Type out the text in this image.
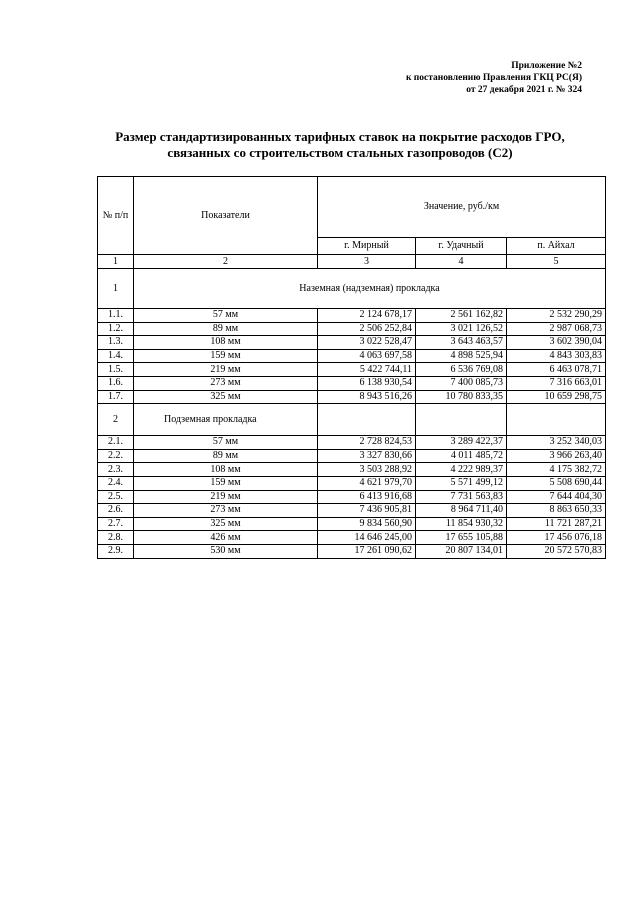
Приложение №2
к постановлению Правления ГКЦ РС(Я)
от 27 декабря 2021 г. № 324
Размер стандартизированных тарифных ставок на покрытие расходов ГРО,
связанных со строительством стальных газопроводов (С2)
№ п/п	Показатели	Значение, руб./км		
		г. Мирный	г. Удачный	п. Айхал
1	2	3	4	5
1	Наземная (надземная) прокладка			
1.1.	57 мм	2 124 678,17	2 561 162,82	2 532 290,29
1.2.	89 мм	2 506 252,84	3 021 126,52	2 987 068,73
1.3.	108 мм	3 022 528,47	3 643 463,57	3 602 390,04
1.4.	159 мм	4 063 697,58	4 898 525,94	4 843 303,83
1.5.	219 мм	5 422 744,11	6 536 769,08	6 463 078,71
1.6.	273 мм	6 138 930,54	7 400 085,73	7 316 663,01
1.7.	325 мм	8 943 516,26	10 780 833,35	10 659 298,75
2	Подземная прокладка			
2.1.	57 мм	2 728 824,53	3 289 422,37	3 252 340,03
2.2.	89 мм	3 327 830,66	4 011 485,72	3 966 263,40
2.3.	108 мм	3 503 288,92	4 222 989,37	4 175 382,72
2.4.	159 мм	4 621 979,70	5 571 499,12	5 508 690,44
2.5.	219 мм	6 413 916,68	7 731 563,83	7 644 404,30
2.6.	273 мм	7 436 905,81	8 964 711,40	8 863 650,33
2.7.	325 мм	9 834 560,90	11 854 930,32	11 721 287,21
2.8.	426 мм	14 646 245,00	17 655 105,88	17 456 076,18
2.9.	530 мм	17 261 090,62	20 807 134,01	20 572 570,83
